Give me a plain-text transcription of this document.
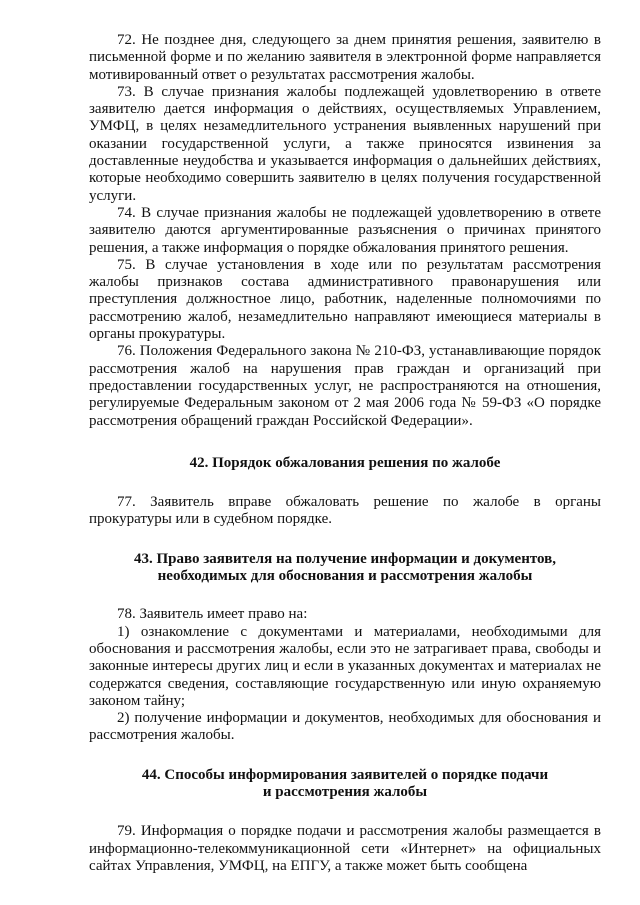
72. Не позднее дня, следующего за днем принятия решения, заявителю в письменной форме и по желанию заявителя в электронной форме направляется мотивированный ответ о результатах рассмотрения жалобы.

73. В случае признания жалобы подлежащей удовлетворению в ответе заявителю дается информация о действиях, осуществляемых Управлением, УМФЦ, в целях незамедлительного устранения выявленных нарушений при оказании государственной услуги, а также приносятся извинения за доставленные неудобства и указывается информация о дальнейших действиях, которые необходимо совершить заявителю в целях получения государственной услуги.

74. В случае признания жалобы не подлежащей удовлетворению в ответе заявителю даются аргументированные разъяснения о причинах принятого решения, а также информация о порядке обжалования принятого решения.

75. В случае установления в ходе или по результатам рассмотрения жалобы признаков состава административного правонарушения или преступления должностное лицо, работник, наделенные полномочиями по рассмотрению жалоб, незамедлительно направляют имеющиеся материалы в органы прокуратуры.

76. Положения Федерального закона № 210-ФЗ, устанавливающие порядок рассмотрения жалоб на нарушения прав граждан и организаций при предоставлении государственных услуг, не распространяются на отношения, регулируемые Федеральным законом от 2 мая 2006 года № 59-ФЗ «О порядке рассмотрения обращений граждан Российской Федерации».

42. Порядок обжалования решения по жалобе

77. Заявитель вправе обжаловать решение по жалобе в органы прокуратуры или в судебном порядке.

43. Право заявителя на получение информации и документов,
необходимых для обоснования и рассмотрения жалобы

78. Заявитель имеет право на:

1) ознакомление с документами и материалами, необходимыми для обоснования и рассмотрения жалобы, если это не затрагивает права, свободы и законные интересы других лиц и если в указанных документах и материалах не содержатся сведения, составляющие государственную или иную охраняемую законом тайну;

2) получение информации и документов, необходимых для обоснования и рассмотрения жалобы.

44. Способы информирования заявителей о порядке подачи
и рассмотрения жалобы

79. Информация о порядке подачи и рассмотрения жалобы размещается в информационно-телекоммуникационной сети «Интернет» на официальных сайтах Управления, УМФЦ, на ЕПГУ, а также может быть сообщена
